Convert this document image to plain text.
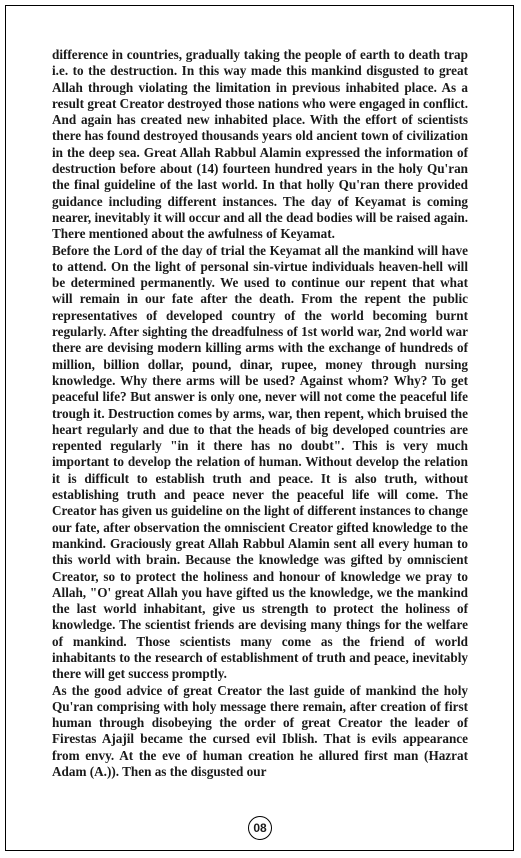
difference in countries, gradually taking the people of earth to death trap i.e. to the destruction. In this way made this mankind disgusted to great Allah through violating the limitation in previous inhabited place. As a result great Creator destroyed those nations who were engaged in conflict. And again has created new inhabited place. With the effort of scientists there has found destroyed thousands years old ancient town of civilization in the deep sea. Great Allah Rabbul Alamin expressed the information of destruction before about (14) fourteen hundred years in the holy Qu'ran the final guideline of the last world. In that holly Qu'ran there provided guidance including different instances. The day of Keyamat is coming nearer, inevitably it will occur and all the dead bodies will be raised again. There mentioned about the awfulness of Keyamat.

Before the Lord of the day of trial the Keyamat all the mankind will have to attend. On the light of personal sin-virtue individuals heaven-hell will be determined permanently. We used to continue our repent that what will remain in our fate after the death. From the repent the public representatives of developed country of the world becoming burnt regularly. After sighting the dreadfulness of 1st world war, 2nd world war there are devising modern killing arms with the exchange of hundreds of million, billion dollar, pound, dinar, rupee, money through nursing knowledge. Why there arms will be used? Against whom? Why? To get peaceful life? But answer is only one, never will not come the peaceful life trough it. Destruction comes by arms, war, then repent, which bruised the heart regularly and due to that the heads of big developed countries are repented regularly "in it there has no doubt". This is very much important to develop the relation of human. Without develop the relation it is difficult to establish truth and peace. It is also truth, without establishing truth and peace never the peaceful life will come. The Creator has given us guideline on the light of different instances to change our fate, after observation the omniscient Creator gifted knowledge to the mankind. Graciously great Allah Rabbul Alamin sent all every human to this world with brain. Because the knowledge was gifted by omniscient Creator, so to protect the holiness and honour of knowledge we pray to Allah, "O' great Allah you have gifted us the knowledge, we the mankind the last world inhabitant, give us strength to protect the holiness of knowledge. The scientist friends are devising many things for the welfare of mankind. Those scientists many come as the friend of world inhabitants to the research of establishment of truth and peace, inevitably there will get success promptly.

As the good advice of great Creator the last guide of mankind the holy Qu'ran comprising with holy message there remain, after creation of first human through disobeying the order of great Creator the leader of Firestas Ajajil became the cursed evil Iblish. That is evils appearance from envy. At the eve of human creation he allured first man (Hazrat Adam (A.)). Then as the disgusted our

08
